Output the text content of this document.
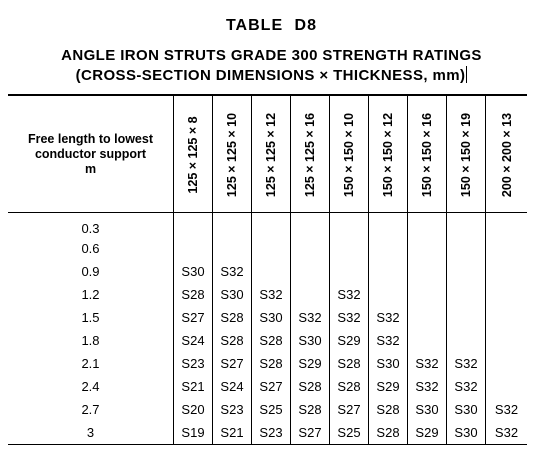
TABLE D8
ANGLE IRON STRUTS GRADE 300 STRENGTH RATINGS
(CROSS-SECTION DIMENSIONS × THICKNESS, mm)
Free length to lowest
conductor support
m	125 × 125 × 8	125 × 125 × 10	125 × 125 × 12	125 × 125 × 16	150 × 150 × 10	150 × 150 × 12	150 × 150 × 16	150 × 150 × 19	200 × 200 × 13

0.3									
0.6									
0.9	S30	S32							
1.2	S28	S30	S32		S32				
1.5	S27	S28	S30	S32	S32	S32			
1.8	S24	S28	S28	S30	S29	S32			
2.1	S23	S27	S28	S29	S28	S30	S32	S32	
2.4	S21	S24	S27	S28	S28	S29	S32	S32	
2.7	S20	S23	S25	S28	S27	S28	S30	S30	S32
3	S19	S21	S23	S27	S25	S28	S29	S30	S32
